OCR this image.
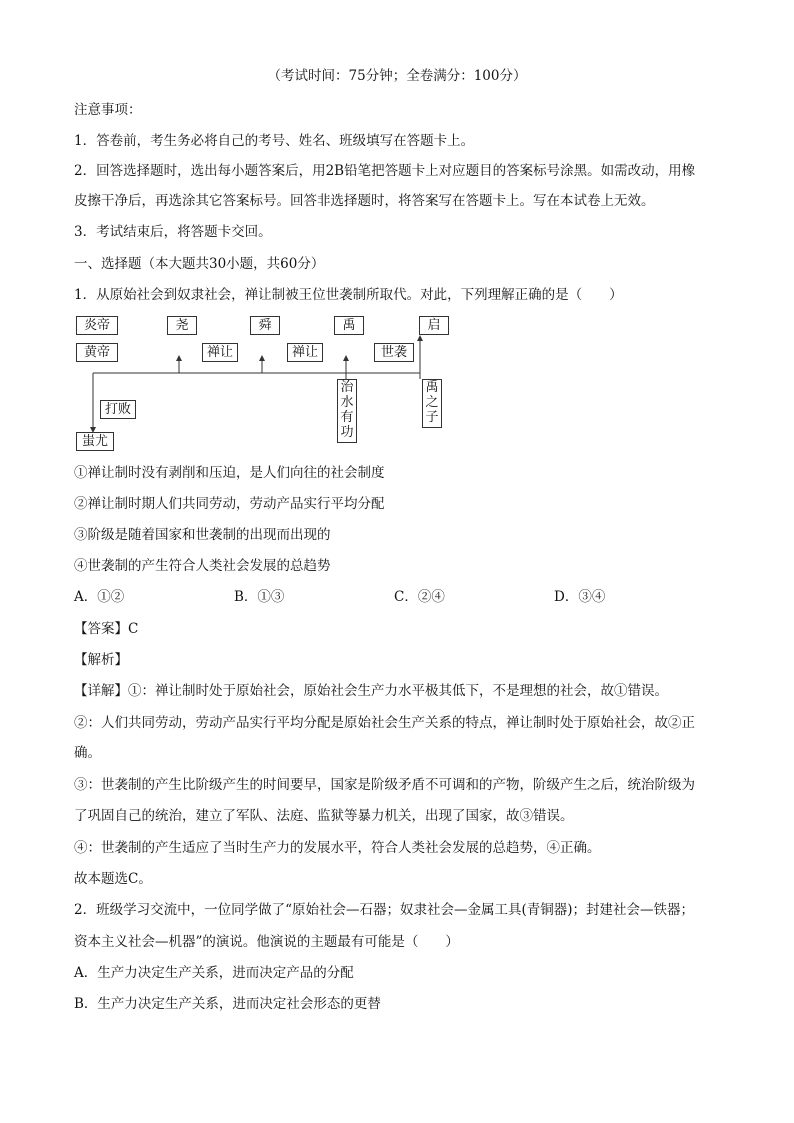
（考试时间：75分钟；全卷满分：100分）
注意事项：
1．答卷前，考生务必将自己的考号、姓名、班级填写在答题卡上。
2．回答选择题时，选出每小题答案后，用2B铅笔把答题卡上对应题目的答案标号涂黑。如需改动，用橡
皮擦干净后，再选涂其它答案标号。回答非选择题时，将答案写在答题卡上。写在本试卷上无效。
3．考试结束后，将答题卡交回。
一、选择题（本大题共30小题，共60分）
1．从原始社会到奴隶社会，禅让制被王位世袭制所取代。对此，下列理解正确的是（　　）
炎帝
黄帝
尧	舜	禹	启
禅让	禅让	世袭
打败
蚩尤
治
水
有
功
禹
之
子
①禅让制时没有剥削和压迫，是人们向往的社会制度
②禅让制时期人们共同劳动，劳动产品实行平均分配
③阶级是随着国家和世袭制的出现而出现的
④世袭制的产生符合人类社会发展的总趋势
A．①②	B．①③	C．②④	D．③④
【答案】C
【解析】
【详解】①：禅让制时处于原始社会，原始社会生产力水平极其低下，不是理想的社会，故①错误。
②：人们共同劳动，劳动产品实行平均分配是原始社会生产关系的特点，禅让制时处于原始社会，故②正
确。
③：世袭制的产生比阶级产生的时间要早，国家是阶级矛盾不可调和的产物，阶级产生之后，统治阶级为
了巩固自己的统治，建立了军队、法庭、监狱等暴力机关，出现了国家，故③错误。
④：世袭制的产生适应了当时生产力的发展水平，符合人类社会发展的总趋势，④正确。
故本题选C。
2．班级学习交流中，一位同学做了“原始社会—石器；奴隶社会—金属工具(青铜器)；封建社会—铁器；
资本主义社会—机器”的演说。他演说的主题最有可能是（　　）
A．生产力决定生产关系，进而决定产品的分配
B．生产力决定生产关系，进而决定社会形态的更替
